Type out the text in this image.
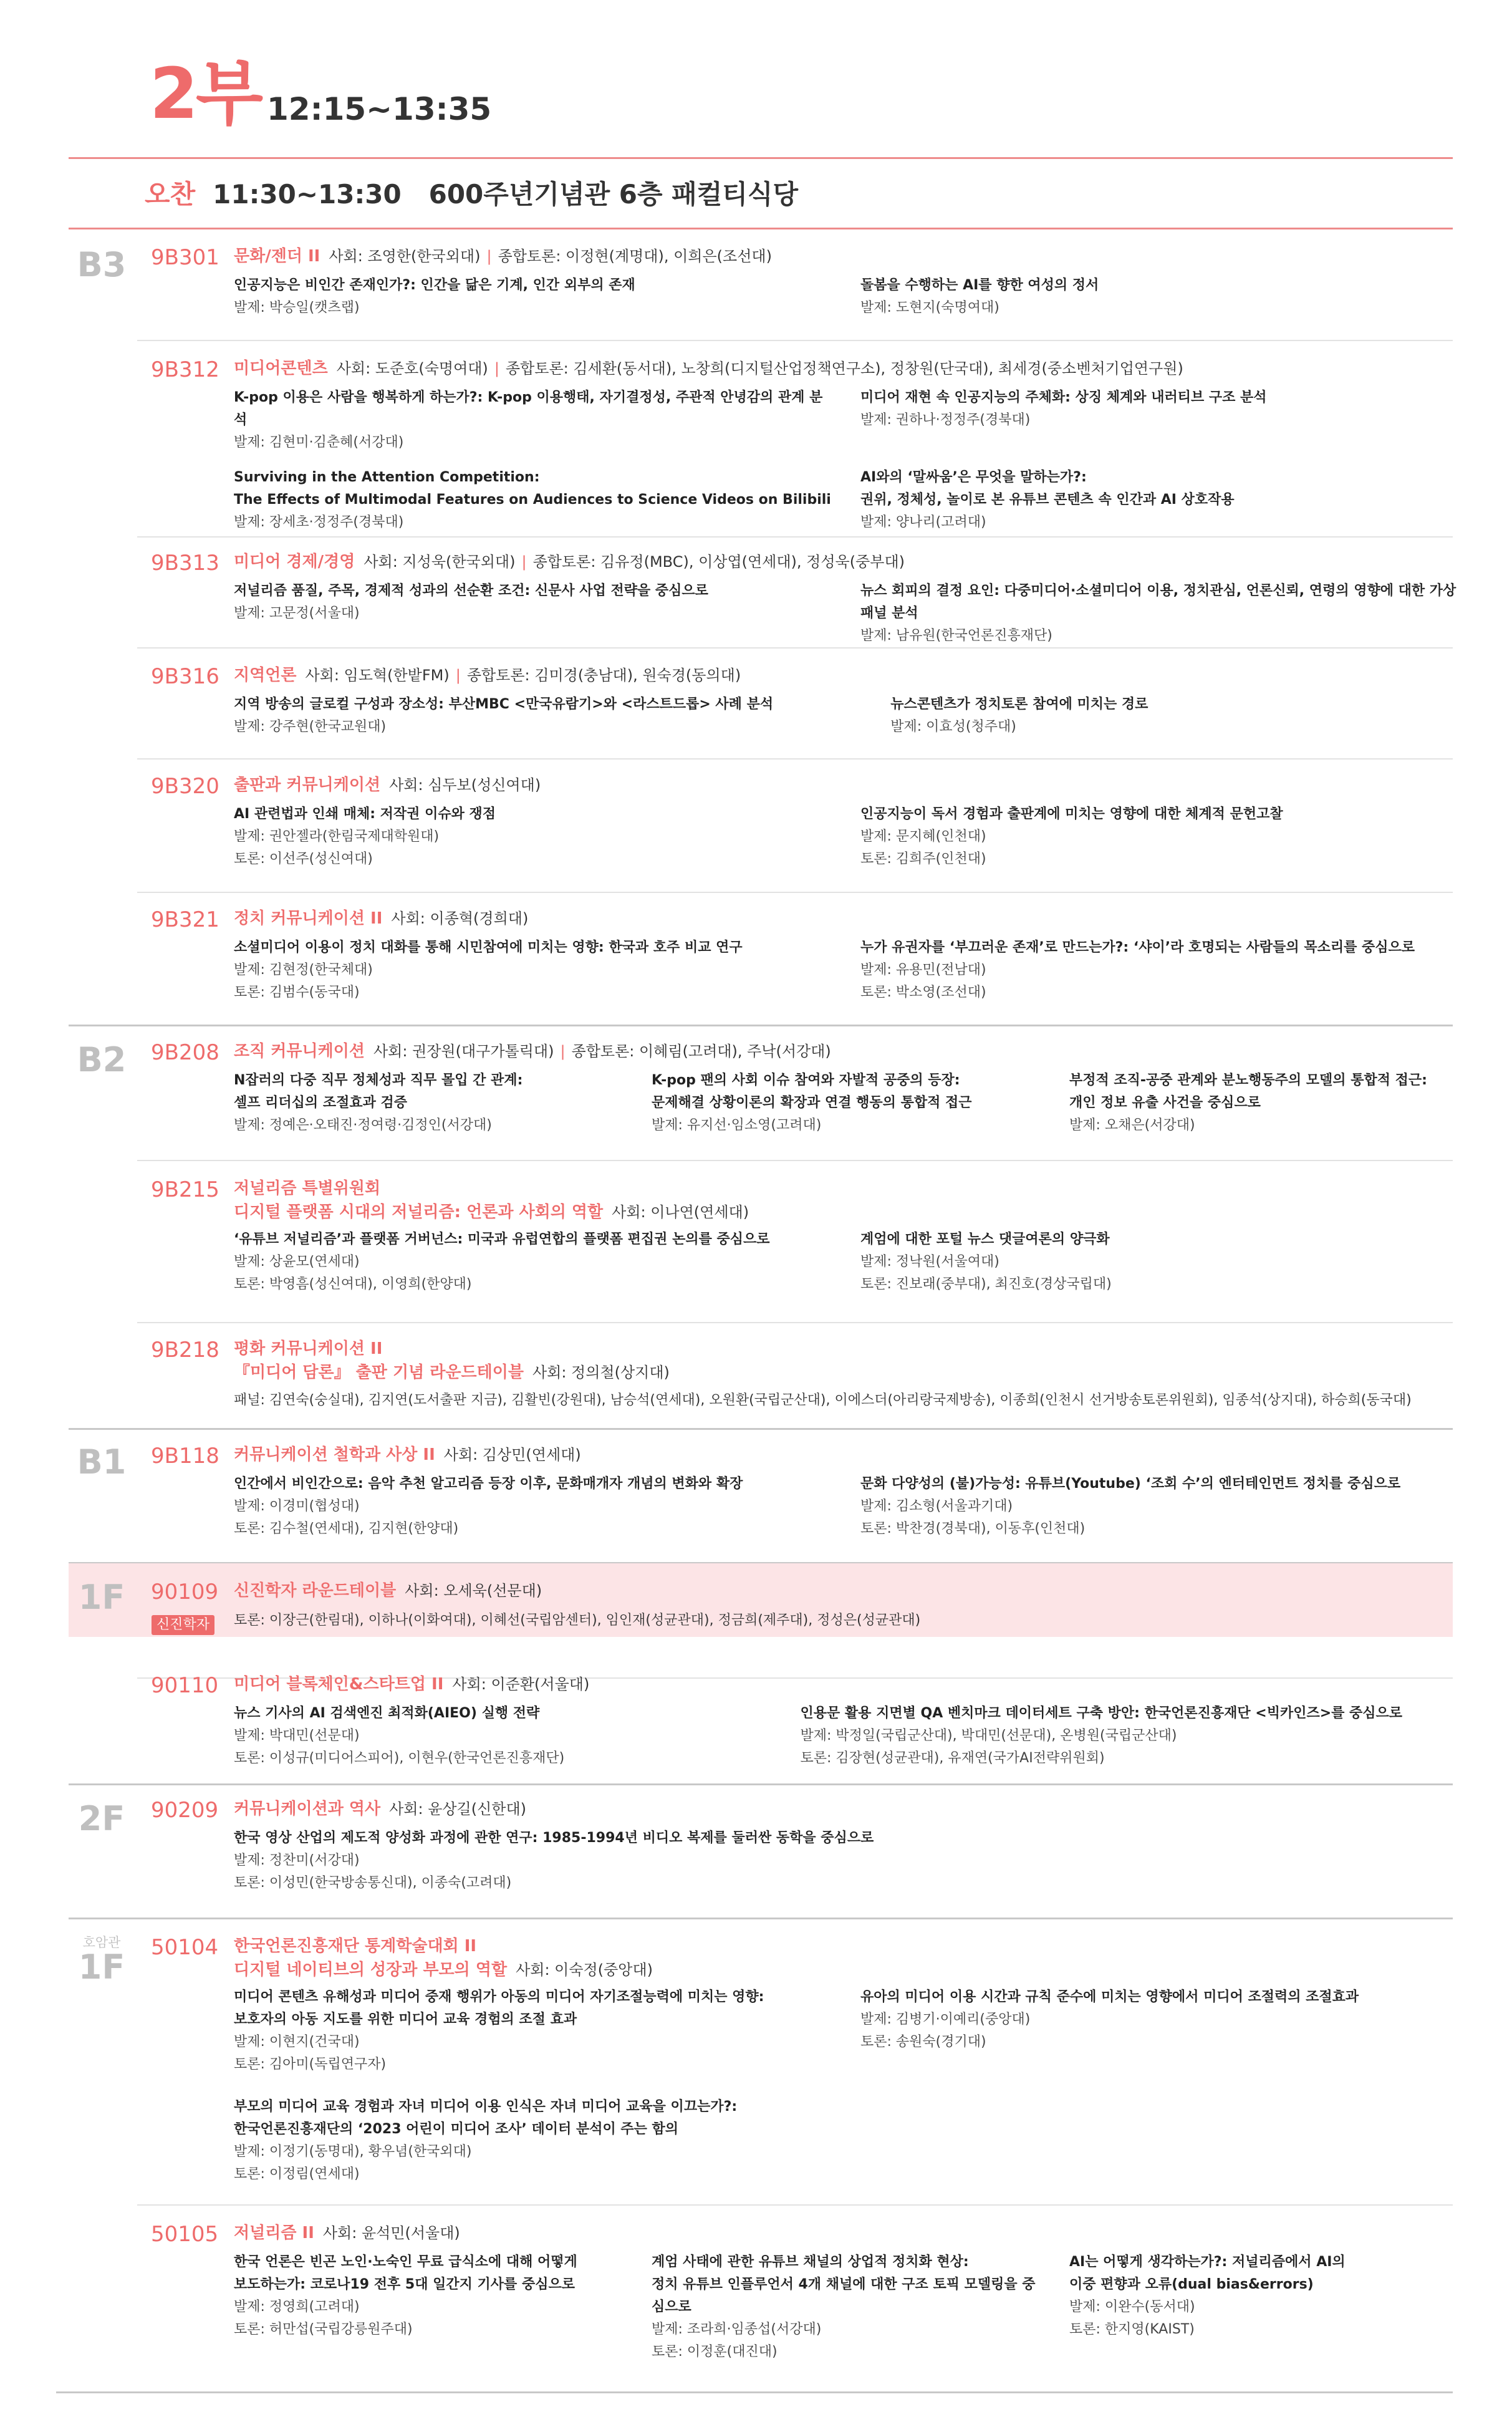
2부 12:15~13:35
오찬 11:30~13:30 600주년기념관 6층 패컬티식당
B3
B2
B1
1F
2F
호암관
1F
신진학자
9B301 문화/젠더 II 사회: 조영한(한국외대) | 종합토론: 이정현(계명대), 이희은(조선대)
인공지능은 비인간 존재인가?: 인간을 닮은 기계, 인간 외부의 존재
발제: 박승일(캣츠랩)
돌봄을 수행하는 AI를 향한 여성의 정서
발제: 도현지(숙명여대)
9B312 미디어콘텐츠 사회: 도준호(숙명여대) | 종합토론: 김세환(동서대), 노창희(디지털산업정책연구소), 정창원(단국대), 최세경(중소벤처기업연구원)
K-pop 이용은 사람을 행복하게 하는가?: K-pop 이용행태, 자기결정성, 주관적 안녕감의 관계 분석
발제: 김현미·김춘혜(서강대)
미디어 재현 속 인공지능의 주체화: 상징 체계와 내러티브 구조 분석
발제: 권하나·정정주(경북대)
Surviving in the Attention Competition:
The Effects of Multimodal Features on Audiences to Science Videos on Bilibili
발제: 장세초·정정주(경북대)
AI와의 ‘말싸움’은 무엇을 말하는가?:
권위, 정체성, 놀이로 본 유튜브 콘텐츠 속 인간과 AI 상호작용
발제: 양나리(고려대)
9B313 미디어 경제/경영 사회: 지성욱(한국외대) | 종합토론: 김유정(MBC), 이상엽(연세대), 정성욱(중부대)
저널리즘 품질, 주목, 경제적 성과의 선순환 조건: 신문사 사업 전략을 중심으로
발제: 고문정(서울대)
뉴스 회피의 결정 요인: 다중미디어·소셜미디어 이용, 정치관심, 언론신뢰, 연령의 영향에 대한 가상패널 분석
발제: 남유원(한국언론진흥재단)
9B316 지역언론 사회: 임도혁(한밭FM) | 종합토론: 김미경(충남대), 원숙경(동의대)
지역 방송의 글로컬 구성과 장소성: 부산MBC <만국유람기>와 <라스트드롭> 사례 분석
발제: 강주현(한국교원대)
뉴스콘텐츠가 정치토론 참여에 미치는 경로
발제: 이효성(청주대)
9B320 출판과 커뮤니케이션 사회: 심두보(성신여대)
AI 관련법과 인쇄 매체: 저작권 이슈와 쟁점
발제: 권안젤라(한림국제대학원대)
토론: 이선주(성신여대)
인공지능이 독서 경험과 출판계에 미치는 영향에 대한 체계적 문헌고찰
발제: 문지혜(인천대)
토론: 김희주(인천대)
9B321 정치 커뮤니케이션 II 사회: 이종혁(경희대)
소셜미디어 이용이 정치 대화를 통해 시민참여에 미치는 영향: 한국과 호주 비교 연구
발제: 김현정(한국체대)
토론: 김범수(동국대)
누가 유권자를 ‘부끄러운 존재’로 만드는가?: ‘샤이’라 호명되는 사람들의 목소리를 중심으로
발제: 유용민(전남대)
토론: 박소영(조선대)
9B208 조직 커뮤니케이션 사회: 권장원(대구가톨릭대) | 종합토론: 이혜림(고려대), 주낙(서강대)
N잡러의 다중 직무 정체성과 직무 몰입 간 관계:
셀프 리더십의 조절효과 검증
발제: 정예은·오태진·정여령·김정인(서강대)
K-pop 팬의 사회 이슈 참여와 자발적 공중의 등장:
문제해결 상황이론의 확장과 연결 행동의 통합적 접근
발제: 유지선·임소영(고려대)
부정적 조직-공중 관계와 분노행동주의 모델의 통합적 접근:
개인 정보 유출 사건을 중심으로
발제: 오채은(서강대)
9B215 저널리즘 특별위원회
디지털 플랫폼 시대의 저널리즘: 언론과 사회의 역할 사회: 이나연(연세대)
‘유튜브 저널리즘’과 플랫폼 거버넌스: 미국과 유럽연합의 플랫폼 편집권 논의를 중심으로
발제: 상윤모(연세대)
토론: 박영흠(성신여대), 이영희(한양대)
계엄에 대한 포털 뉴스 댓글여론의 양극화
발제: 정낙원(서울여대)
토론: 진보래(중부대), 최진호(경상국립대)
9B218 평화 커뮤니케이션 II
『미디어 담론』 출판 기념 라운드테이블 사회: 정의철(상지대)
패널: 김연숙(숭실대), 김지연(도서출판 지금), 김활빈(강원대), 남승석(연세대), 오원환(국립군산대), 이에스더(아리랑국제방송), 이종희(인천시 선거방송토론위원회), 임종석(상지대), 하승희(동국대)
9B118 커뮤니케이션 철학과 사상 II 사회: 김상민(연세대)
인간에서 비인간으로: 음악 추천 알고리즘 등장 이후, 문화매개자 개념의 변화와 확장
발제: 이경미(협성대)
토론: 김수철(연세대), 김지현(한양대)
문화 다양성의 (불)가능성: 유튜브(Youtube) ‘조회 수’의 엔터테인먼트 정치를 중심으로
발제: 김소형(서울과기대)
토론: 박찬경(경북대), 이동후(인천대)
90109 신진학자 라운드테이블 사회: 오세욱(선문대)
토론: 이장근(한림대), 이하나(이화여대), 이혜선(국립암센터), 임인재(성균관대), 정금희(제주대), 정성은(성균관대)
90110 미디어 블록체인&스타트업 II 사회: 이준환(서울대)
뉴스 기사의 AI 검색엔진 최적화(AIEO) 실행 전략
발제: 박대민(선문대)
토론: 이성규(미디어스피어), 이현우(한국언론진흥재단)
인용문 활용 지면별 QA 벤치마크 데이터세트 구축 방안: 한국언론진흥재단 <빅카인즈>를 중심으로
발제: 박정일(국립군산대), 박대민(선문대), 온병원(국립군산대)
토론: 김장현(성균관대), 유재연(국가AI전략위원회)
90209 커뮤니케이션과 역사 사회: 윤상길(신한대)
한국 영상 산업의 제도적 양성화 과정에 관한 연구: 1985-1994년 비디오 복제를 둘러싼 동학을 중심으로
발제: 정찬미(서강대)
토론: 이성민(한국방송통신대), 이종숙(고려대)
50104 한국언론진흥재단 통계학술대회 II
디지털 네이티브의 성장과 부모의 역할 사회: 이숙정(중앙대)
미디어 콘텐츠 유해성과 미디어 중재 행위가 아동의 미디어 자기조절능력에 미치는 영향:
보호자의 아동 지도를 위한 미디어 교육 경험의 조절 효과
발제: 이현지(건국대)
토론: 김아미(독립연구자)
유아의 미디어 이용 시간과 규칙 준수에 미치는 영향에서 미디어 조절력의 조절효과
발제: 김병기·이예리(중앙대)
토론: 송원숙(경기대)
부모의 미디어 교육 경험과 자녀 미디어 이용 인식은 자녀 미디어 교육을 이끄는가?:
한국언론진흥재단의 ‘2023 어린이 미디어 조사’ 데이터 분석이 주는 함의
발제: 이정기(동명대), 황우념(한국외대)
토론: 이정림(연세대)
50105 저널리즘 II 사회: 윤석민(서울대)
한국 언론은 빈곤 노인·노숙인 무료 급식소에 대해 어떻게
보도하는가: 코로나19 전후 5대 일간지 기사를 중심으로
발제: 정영희(고려대)
토론: 허만섭(국립강릉원주대)
계엄 사태에 관한 유튜브 채널의 상업적 정치화 현상:
정치 유튜브 인플루언서 4개 채널에 대한 구조 토픽 모델링을 중심으로
발제: 조라희·임종섭(서강대)
토론: 이정훈(대진대)
AI는 어떻게 생각하는가?: 저널리즘에서 AI의
이중 편향과 오류(dual bias&errors)
발제: 이완수(동서대)
토론: 한지영(KAIST)
